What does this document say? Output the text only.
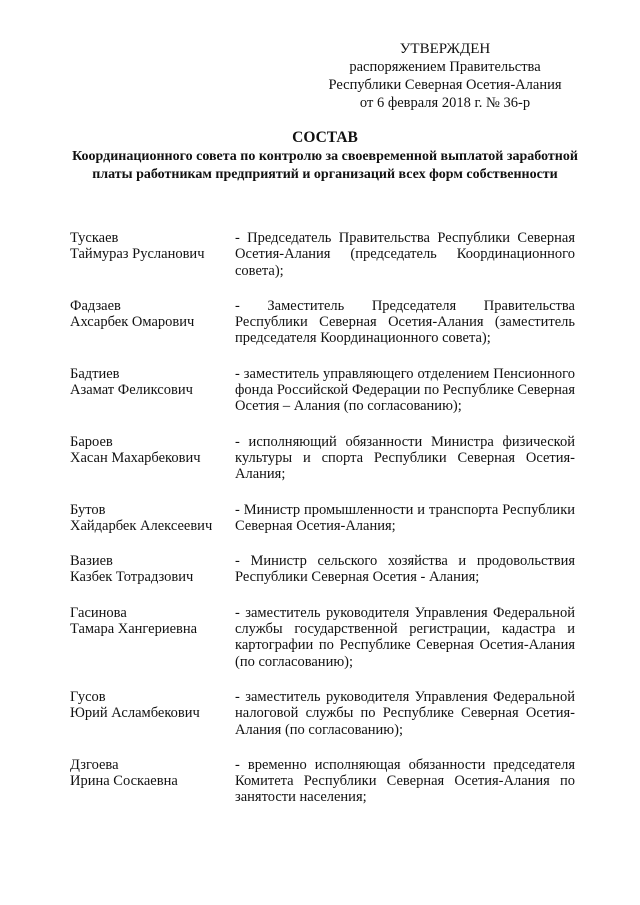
УТВЕРЖДЕН
распоряжением Правительства
Республики Северная Осетия-Алания
от 6 февраля 2018 г. № 36-р
СОСТАВ
Координационного совета по контролю за своевременной выплатой заработной платы работникам предприятий и организаций всех форм собственности
Тускаев
Таймураз Русланович
- Председатель Правительства Республики Северная Осетия-Алания (председатель Координационного совета);
Фадзаев
Ахсарбек Омарович
- Заместитель Председателя Правительства Республики Северная Осетия-Алания (заместитель председателя Координационного совета);
Бадтиев
Азамат Феликсович
- заместитель управляющего отделением Пенсионного фонда Российской Федерации по Республике Северная Осетия – Алания (по согласованию);
Бароев
Хасан Махарбекович
- исполняющий обязанности Министра физической культуры и спорта Республики Северная Осетия-Алания;
Бутов
Хайдарбек Алексеевич
- Министр промышленности и транспорта Республики Северная Осетия-Алания;
Вазиев
Казбек Тотрадзович
- Министр сельского хозяйства и продовольствия Республики Северная Осетия - Алания;
Гасинова
Тамара Хангериевна
- заместитель руководителя Управления Федеральной службы государственной регистрации, кадастра и картографии по Республике Северная Осетия-Алания (по согласованию);
Гусов
Юрий Асламбекович
- заместитель руководителя Управления Федеральной налоговой службы по Республике Северная Осетия-Алания (по согласованию);
Дзгоева
Ирина Соскаевна
- временно исполняющая обязанности председателя Комитета Республики Северная Осетия-Алания по занятости населения;
